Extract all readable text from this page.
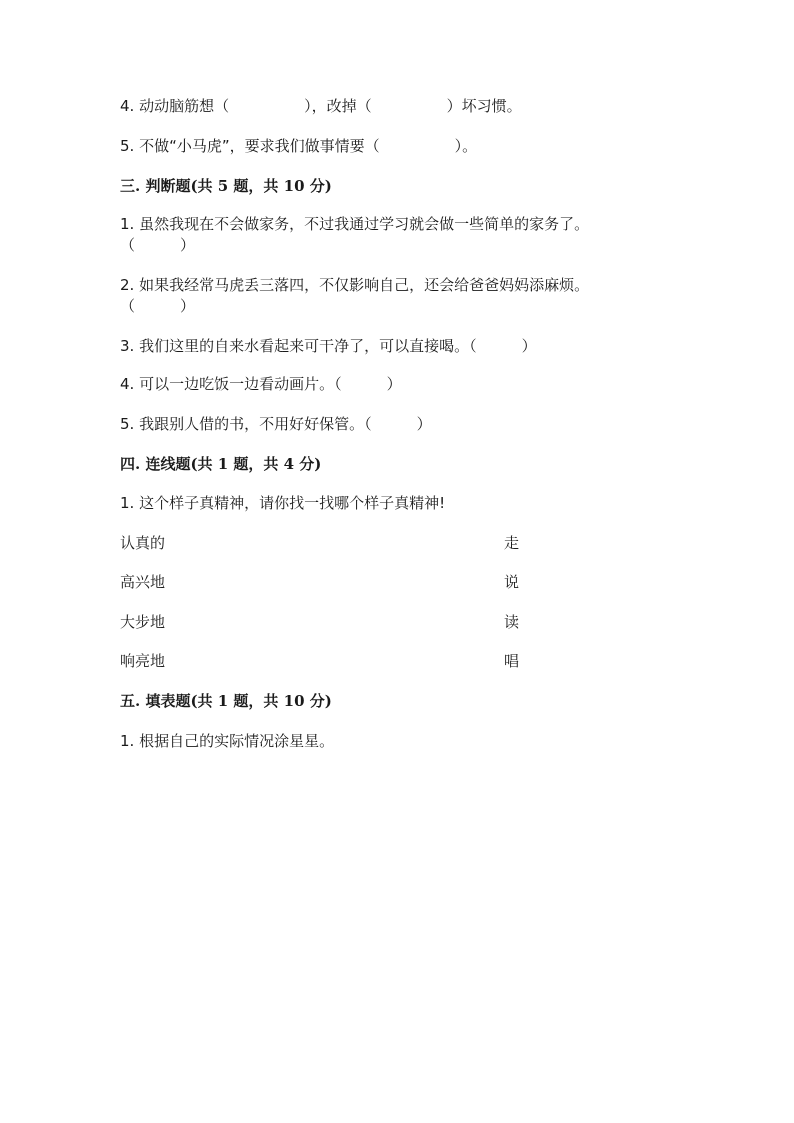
4. 动动脑筋想（　　　　　），改掉（　　　　　）坏习惯。
5. 不做“小马虎”，要求我们做事情要（　　　　　）。
三. 判断题(共 5 题，共 10 分)
1. 虽然我现在不会做家务，不过我通过学习就会做一些简单的家务了。
（　　　）
2. 如果我经常马虎丢三落四，不仅影响自己，还会给爸爸妈妈添麻烦。
（　　　）
3. 我们这里的自来水看起来可干净了，可以直接喝。（　　　）
4. 可以一边吃饭一边看动画片。（　　　）
5. 我跟别人借的书，不用好好保管。（　　　）
四. 连线题(共 1 题，共 4 分)
1. 这个样子真精神，请你找一找哪个样子真精神!
认真的	走
高兴地	说
大步地	读
响亮地	唱
五. 填表题(共 1 题，共 10 分)
1. 根据自己的实际情况涂星星。
